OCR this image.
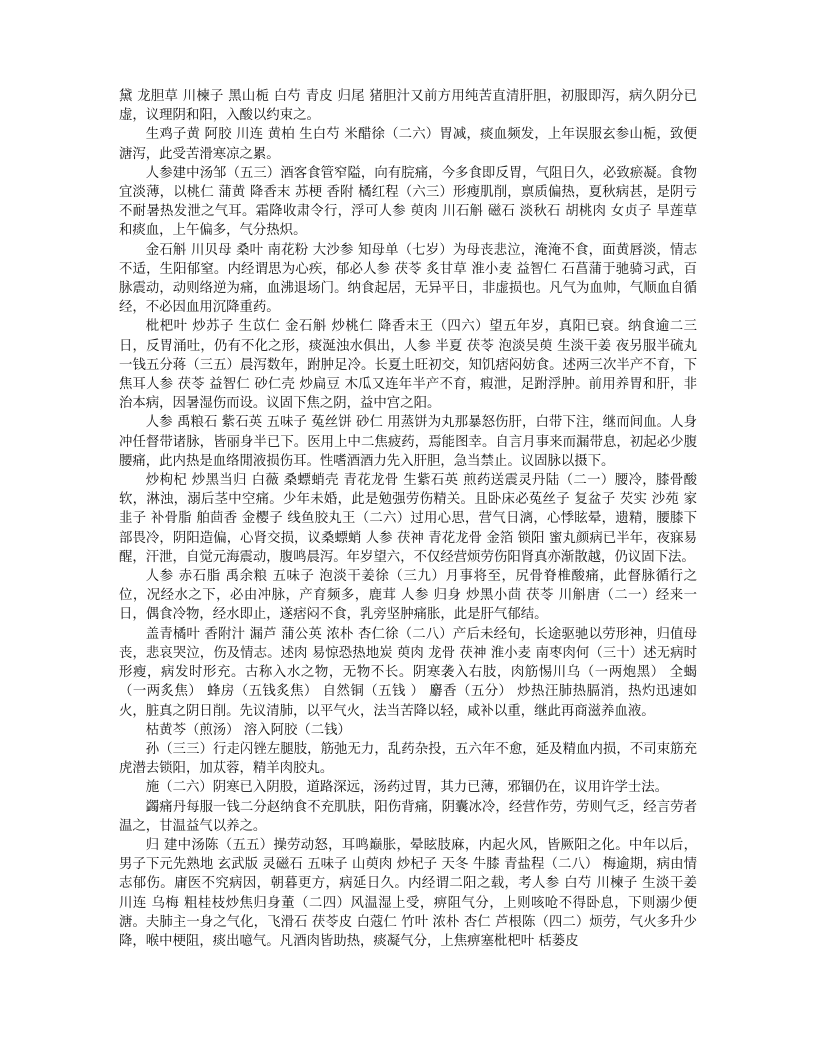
黛 龙胆草 川楝子 黑山栀 白芍 青皮 归尾 猪胆汁又前方用纯苦直清肝胆，初服即泻，病久阴分已虚，议理阴和阳，入酸以约束之。

生鸡子黄 阿胶 川连 黄柏 生白芍 米醋徐（二六）胃减，痰血频发，上年误服玄参山栀，致便溏泻，此受苦滑寒凉之累。

人参建中汤邹（五三）酒客食管窄隘，向有脘痛，今多食即反胃，气阻日久，必致瘀凝。食物宜淡薄，以桃仁 蒲黄 降香末 苏梗 香附 橘红程（六三）形瘦肌削，禀质偏热，夏秋病甚，是阴亏不耐暑热发泄之气耳。霜降收肃令行，浮可人参 萸肉 川石斛 磁石 淡秋石 胡桃肉 女贞子 旱莲草和痰血，上午偏多，气分热炽。

金石斛 川贝母 桑叶 南花粉 大沙参 知母单（七岁）为母丧悲泣，淹淹不食，面黄唇淡，情志不适，生阳郁窒。内经谓思为心疾，郁必人参 茯苓 炙甘草 淮小麦 益智仁 石菖蒲于驰骑习武，百脉震动，动则络逆为痛，血沸退场门。纳食起居，无异平日，非虚损也。凡气为血帅，气顺血自循经，不必因血用沉降重药。

枇杷叶 炒苏子 生苡仁 金石斛 炒桃仁 降香末王（四六）望五年岁，真阳已衰。纳食逾二三日，反胃涌吐，仍有不化之形，痰涎浊水俱出，人参 半夏 茯苓 泡淡吴萸 生淡干姜 夜另服半硫丸一钱五分蒋（三五）晨泻数年，跗肿足冷。长夏土旺初交，知饥痞闷妨食。述两三次半产不育，下焦耳人参 茯苓 益智仁 砂仁壳 炒扁豆 木瓜又连年半产不育，瘕泄，足跗浮肿。前用养胃和肝，非治本病，因暑湿伤而设。议固下焦之阴，益中宫之阳。

人参 禹粮石 紫石英 五味子 菟丝饼 砂仁 用蒸饼为丸那暴怒伤肝，白带下注，继而间血。人身冲任督带诸脉，皆丽身半已下。医用上中二焦疲药，焉能图幸。自言月事来而漏带息，初起必少腹腰痛，此内热是血络閒液损伤耳。性嗜酒酒力先入肝胆，急当禁止。议固脉以摄下。

炒枸杞 炒黑当归 白薇 桑螵蛸壳 青花龙骨 生紫石英 煎药送震灵丹陆（二一）腰冷，膝骨酸软，淋浊，溺后茎中空痛。少年未婚，此是勉强劳伤精关。且卧床必菟丝子 复盆子 芡实 沙苑 家韭子 补骨脂 舶茴香 金樱子 线鱼胶丸王（二六）过用心思，营气日漓，心悸眩晕，遗精，腰膝下部畏冷，阴阳造偏，心肾交损，议桑螵蛸 人参 茯神 青花龙骨 金箔 锁阳 蜜丸颜病已半年，夜寐易醒，汗泄，自觉元海震动，腹鸣晨泻。年岁望六，不仅经营烦劳伤阳肾真亦渐散越，仍议固下法。

人参 赤石脂 禹余粮 五味子 泡淡干姜徐（三九）月事将至，尻骨脊椎酸痛，此督脉循行之位，况经水之下，必由冲脉，产育频多，鹿茸 人参 归身 炒黑小茴 茯苓 川斛唐（二一）经来一日，偶食冷物，经水即止，遂痞闷不食，乳旁坚肿痛胀，此是肝气郁结。

盖青橘叶 香附汁 漏芦 蒲公英 浓朴 杏仁徐（二八）产后未经旬，长途驱驰以劳形神，归值母丧，悲哀哭泣，伤及情志。述肉 易惊恐热地炭 萸肉 龙骨 茯神 淮小麦 南枣肉何（三十）述无病时形瘦，病发时形充。古称入水之物，无物不长。阴寒袭入右肢，肉筋惕川乌（一两炮黑） 全蝎（一两炙焦） 蜂房（五钱炙焦） 自然铜（五钱 ） 麝香（五分） 炒热汪肺热膈消，热灼迅速如火，脏真之阴日削。先议清肺，以平气火，法当苦降以轻，咸补以重，继此再商滋养血液。

枯黄芩（煎汤） 溶入阿胶（二钱）

孙（三三）行走闪锉左腿肢，筋弛无力，乱药杂投，五六年不愈，延及精血内损，不司束筋充虎潜去锁阳，加苁蓉，精羊肉胶丸。

施（二六）阴寒已入阴股，道路深远，汤药过胃，其力已薄，邪锢仍在，议用许学士法。

蠲痛丹每服一钱二分赵纳食不充肌肤，阳伤背痛，阴囊冰冷，经营作劳，劳则气乏，经言劳者温之，甘温益气以养之。

归 建中汤陈（五五）操劳动怒，耳鸣巅胀，晕眩肢麻，内起火风，皆厥阳之化。中年以后，男子下元先熟地 玄武版 灵磁石 五味子 山萸肉 炒杞子 天冬 牛膝 青盐程（二八） 梅逾期，病由情志郁伤。庸医不究病因，朝暮更方，病延日久。内经谓二阳之载，考人参 白芍 川楝子 生淡干姜 川连 乌梅 粗桂枝炒焦归身董（二四）风温湿上受，痹阻气分，上则咳呛不得卧息，下则溺少便溏。夫肺主一身之气化，飞滑石 茯苓皮 白蔻仁 竹叶 浓朴 杏仁 芦根陈（四二）烦劳，气火多升少降，喉中梗阻，痰出噫气。凡酒肉皆助热，痰凝气分，上焦痹塞枇杷叶 栝蒌皮
